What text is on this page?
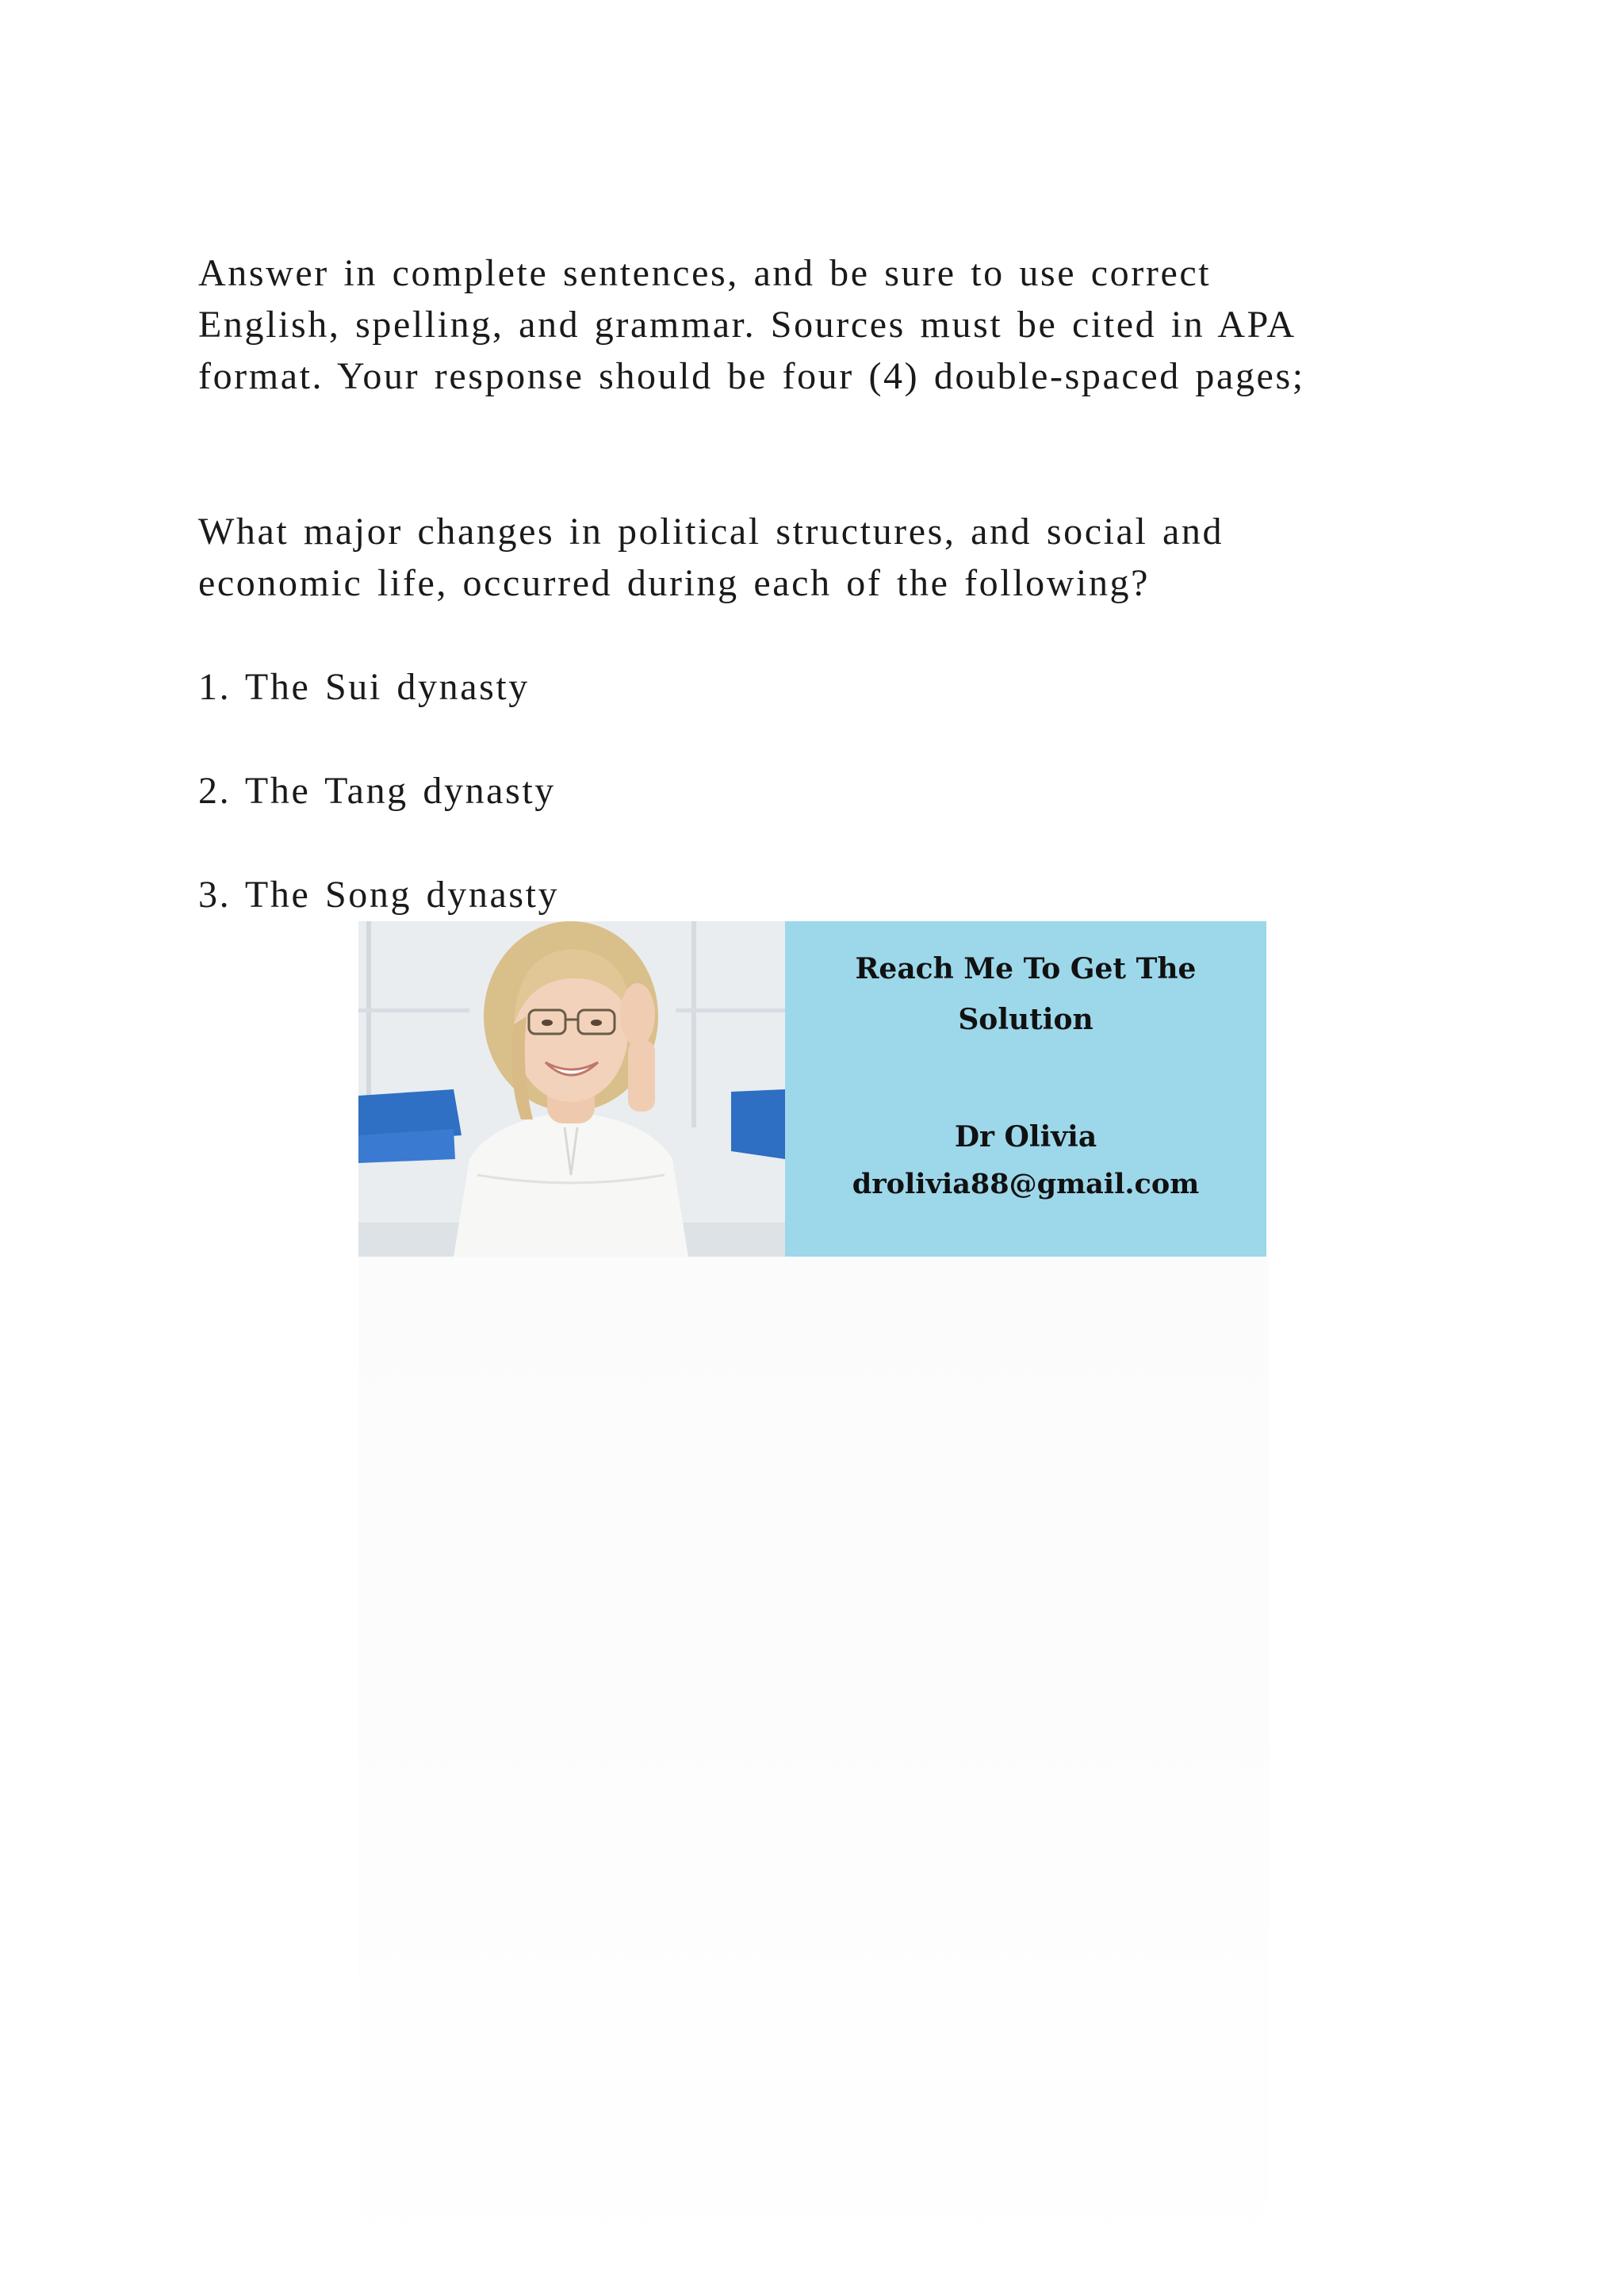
Answer in complete sentences, and be sure to use correct

English, spelling, and grammar. Sources must be cited in APA

format. Your response should be four (4) double-spaced pages;

What major changes in political structures, and social and

economic life, occurred during each of the following?

1. The Sui dynasty

2. The Tang dynasty

3. The Song dynasty

Reach Me To Get The
Solution
Dr Olivia
drolivia88@gmail.com
